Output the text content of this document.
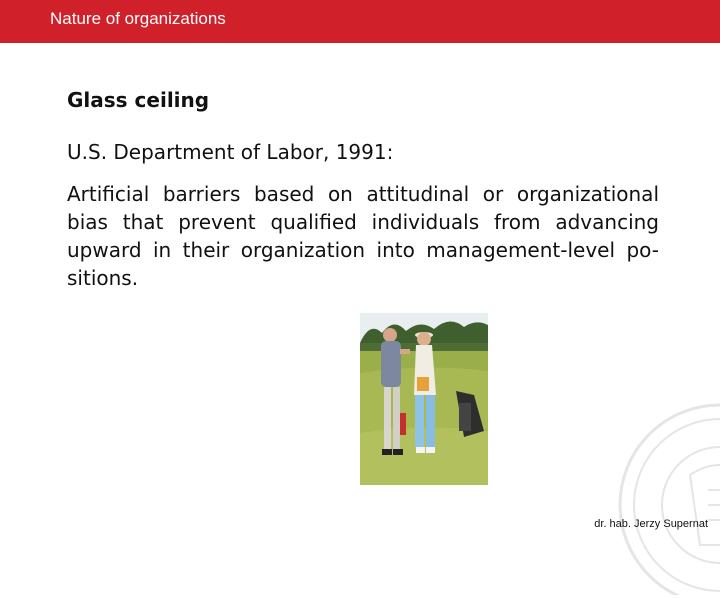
Nature of organizations
Glass ceiling
U.S. Department of Labor, 1991:
Artificial barriers based on attitudinal or organizational bias that prevent qualified individuals from advancing upward in their organization into management-level po-sitions.
dr. hab. Jerzy Supernat
